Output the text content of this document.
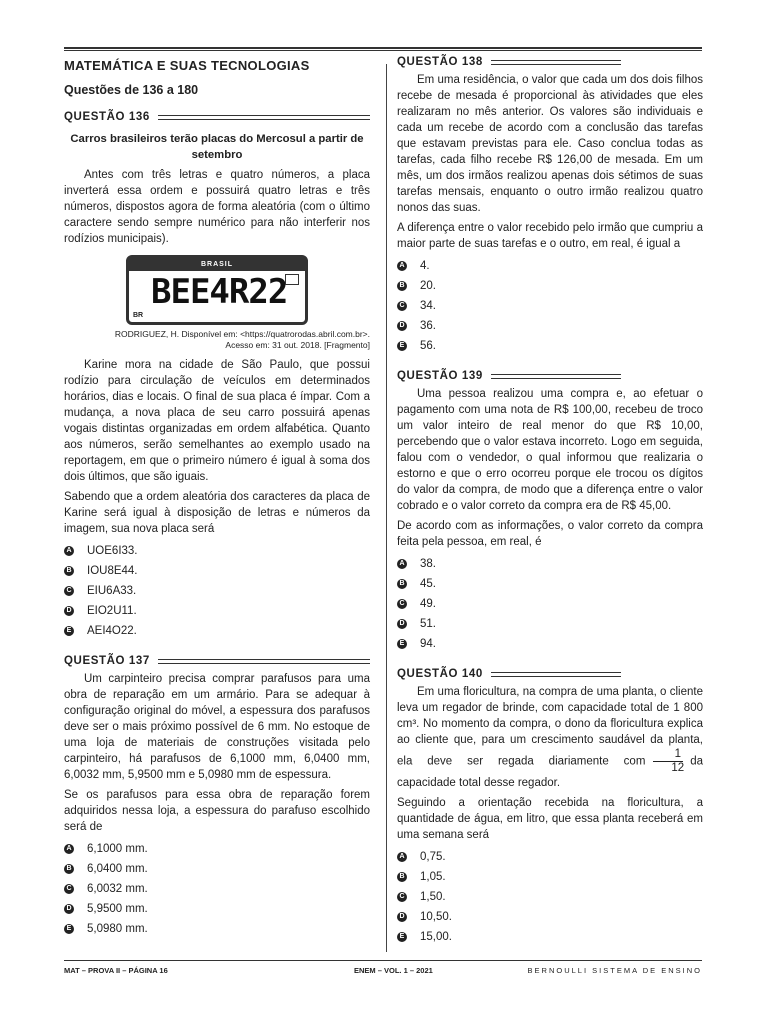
MATEMÁTICA E SUAS TECNOLOGIAS
Questões de 136 a 180
QUESTÃO 136
Carros brasileiros terão placas do Mercosul a partir de setembro

Antes com três letras e quatro números, a placa inverterá essa ordem e possuirá quatro letras e três números, dispostos agora de forma aleatória (com o último caractere sendo sempre numérico para não interferir nos rodízios municipais).

BRASIL
BEE4R22
BR
RODRIGUEZ, H. Disponível em: <https://quatrorodas.abril.com.br>.
Acesso em: 31 out. 2018. [Fragmento]

Karine mora na cidade de São Paulo, que possui rodízio para circulação de veículos em determinados horários, dias e locais. O final de sua placa é ímpar. Com a mudança, a nova placa de seu carro possuirá apenas vogais distintas organizadas em ordem alfabética. Quanto aos números, serão semelhantes ao exemplo usado na reportagem, em que o primeiro número é igual à soma dos dois últimos, que são iguais.

Sabendo que a ordem aleatória dos caracteres da placa de Karine será igual à disposição de letras e números da imagem, sua nova placa será

A UOE6I33.
B IOU8E44.
C EIU6A33.
D EIO2U11.
E AEI4O22.
QUESTÃO 137

Um carpinteiro precisa comprar parafusos para uma obra de reparação em um armário. Para se adequar à configuração original do móvel, a espessura dos parafusos deve ser o mais próximo possível de 6 mm. No estoque de uma loja de materiais de construções visitada pelo carpinteiro, há parafusos de 6,1000 mm, 6,0400 mm, 6,0032 mm, 5,9500 mm e 5,0980 mm de espessura.

Se os parafusos para essa obra de reparação forem adquiridos nessa loja, a espessura do parafuso escolhido será de

A 6,1000 mm.
B 6,0400 mm.
C 6,0032 mm.
D 5,9500 mm.
E 5,0980 mm.
QUESTÃO 138

Em uma residência, o valor que cada um dos dois filhos recebe de mesada é proporcional às atividades que eles realizaram no mês anterior. Os valores são individuais e cada um recebe de acordo com a conclusão das tarefas que estavam previstas para ele. Caso conclua todas as tarefas, cada filho recebe R$ 126,00 de mesada. Em um mês, um dos irmãos realizou apenas dois sétimos de suas tarefas mensais, enquanto o outro irmão realizou quatro nonos das suas.

A diferença entre o valor recebido pelo irmão que cumpriu a maior parte de suas tarefas e o outro, em real, é igual a

A 4.
B 20.
C 34.
D 36.
E 56.
QUESTÃO 139

Uma pessoa realizou uma compra e, ao efetuar o pagamento com uma nota de R$ 100,00, recebeu de troco um valor inteiro de real menor do que R$ 10,00, percebendo que o valor estava incorreto. Logo em seguida, falou com o vendedor, o qual informou que realizaria o estorno e que o erro ocorreu porque ele trocou os dígitos do valor da compra, de modo que a diferença entre o valor cobrado e o valor correto da compra era de R$ 45,00.

De acordo com as informações, o valor correto da compra feita pela pessoa, em real, é

A 38.
B 45.
C 49.
D 51.
E 94.
QUESTÃO 140

Em uma floricultura, na compra de uma planta, o cliente leva um regador de brinde, com capacidade total de 1 800 cm³. No momento da compra, o dono da floricultura explica ao cliente que, para um crescimento saudável da planta, ela deve ser regada diariamente com $\frac{1}{12}$ da capacidade total desse regador.

Seguindo a orientação recebida na floricultura, a quantidade de água, em litro, que essa planta receberá em uma semana será

A 0,75.
B 1,05.
C 1,50.
D 10,50.
E 15,00.
MAT – PROVA II – PÁGINA 16	ENEM – VOL. 1 – 2021	BERNOULLI SISTEMA DE ENSINO
